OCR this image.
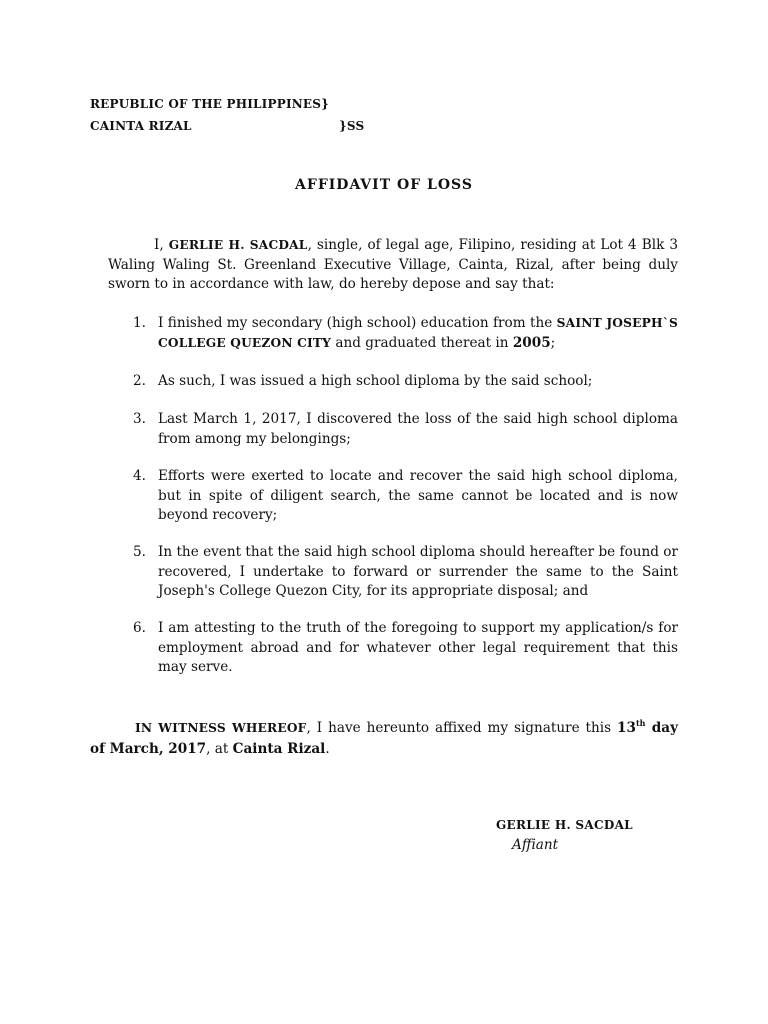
REPUBLIC OF THE PHILIPPINES}
CAINTA RIZAL	}SS
AFFIDAVIT OF LOSS
I, GERLIE H. SACDAL, single, of legal age, Filipino, residing at Lot 4 Blk 3 Waling Waling St. Greenland Executive Village, Cainta, Rizal, after being duly sworn to in accordance with law, do hereby depose and say that:
1. I finished my secondary (high school) education from the SAINT JOSEPH`S COLLEGE QUEZON CITY and graduated thereat in 2005;
2. As such, I was issued a high school diploma by the said school;
3. Last March 1, 2017, I discovered the loss of the said high school diploma from among my belongings;
4. Efforts were exerted to locate and recover the said high school diploma, but in spite of diligent search, the same cannot be located and is now beyond recovery;
5. In the event that the said high school diploma should hereafter be found or recovered, I undertake to forward or surrender the same to the Saint Joseph's College Quezon City, for its appropriate disposal; and
6. I am attesting to the truth of the foregoing to support my application/s for employment abroad and for whatever other legal requirement that this may serve.
IN WITNESS WHEREOF, I have hereunto affixed my signature this 13th day of March, 2017, at Cainta Rizal.
GERLIE H. SACDAL
Affiant
